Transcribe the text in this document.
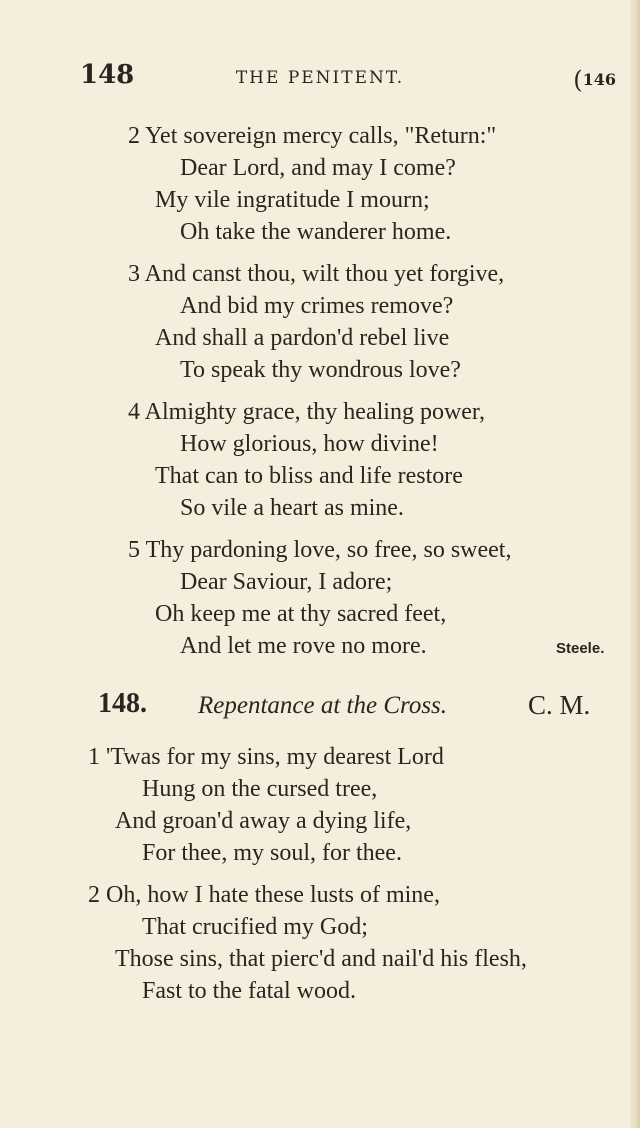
148	THE PENITENT.	(146
2 Yet sovereign mercy calls, "Return:"
Dear Lord, and may I come?
My vile ingratitude I mourn;
Oh take the wanderer home.
3 And canst thou, wilt thou yet forgive,
And bid my crimes remove?
And shall a pardon'd rebel live
To speak thy wondrous love?
4 Almighty grace, thy healing power,
How glorious, how divine!
That can to bliss and life restore
So vile a heart as mine.
5 Thy pardoning love, so free, so sweet,
Dear Saviour, I adore;
Oh keep me at thy sacred feet,
And let me rove no more.	Steele.
148. Repentance at the Cross.	C. M.
1 'Twas for my sins, my dearest Lord
Hung on the cursed tree,
And groan'd away a dying life,
For thee, my soul, for thee.
2 Oh, how I hate these lusts of mine,
That crucified my God;
Those sins, that pierc'd and nail'd his flesh,
Fast to the fatal wood.
